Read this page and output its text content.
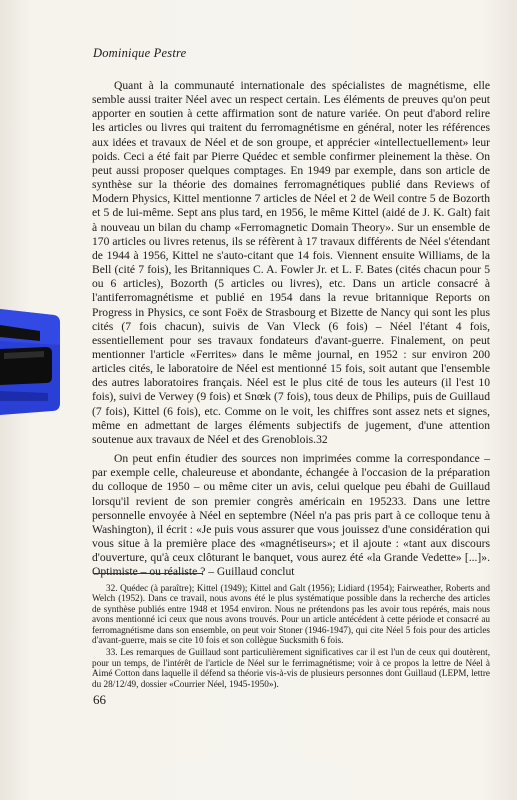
Dominique Pestre

Quant à la communauté internationale des spécialistes de magnétisme, elle semble aussi traiter Néel avec un respect certain. Les éléments de preuves qu'on peut apporter en soutien à cette affirmation sont de nature variée. On peut d'abord relire les articles ou livres qui traitent du ferromagnétisme en général, noter les références aux idées et travaux de Néel et de son groupe, et apprécier «intellectuellement» leur poids. Ceci a été fait par Pierre Quédec et semble confirmer pleinement la thèse. On peut aussi proposer quelques comptages. En 1949 par exemple, dans son article de synthèse sur la théorie des domaines ferromagnétiques publié dans Reviews of Modern Physics, Kittel mentionne 7 articles de Néel et 2 de Weil contre 5 de Bozorth et 5 de lui-même. Sept ans plus tard, en 1956, le même Kittel (aidé de J. K. Galt) fait à nouveau un bilan du champ «Ferromagnetic Domain Theory». Sur un ensemble de 170 articles ou livres retenus, ils se réfèrent à 17 travaux différents de Néel s'étendant de 1944 à 1956, Kittel ne s'auto-citant que 14 fois. Viennent ensuite Williams, de la Bell (cité 7 fois), les Britanniques C. A. Fowler Jr. et L. F. Bates (cités chacun pour 5 ou 6 articles), Bozorth (5 articles ou livres), etc. Dans un article consacré à l'antiferromagnétisme et publié en 1954 dans la revue britannique Reports on Progress in Physics, ce sont Foëx de Strasbourg et Bizette de Nancy qui sont les plus cités (7 fois chacun), suivis de Van Vleck (6 fois) – Néel l'étant 4 fois, essentiellement pour ses travaux fondateurs d'avant-guerre. Finalement, on peut mentionner l'article «Ferrites» dans le même journal, en 1952 : sur environ 200 articles cités, le laboratoire de Néel est mentionné 15 fois, soit autant que l'ensemble des autres laboratoires français. Néel est le plus cité de tous les auteurs (il l'est 10 fois), suivi de Verwey (9 fois) et Snœk (7 fois), tous deux de Philips, puis de Guillaud (7 fois), Kittel (6 fois), etc. Comme on le voit, les chiffres sont assez nets et signes, même en admettant de larges éléments subjectifs de jugement, d'une attention soutenue aux travaux de Néel et des Grenoblois.32

On peut enfin étudier des sources non imprimées comme la correspondance – par exemple celle, chaleureuse et abondante, échangée à l'occasion de la préparation du colloque de 1950 – ou même citer un avis, celui quelque peu ébahi de Guillaud lorsqu'il revient de son premier congrès américain en 195233. Dans une lettre personnelle envoyée à Néel en septembre (Néel n'a pas pris part à ce colloque tenu à Washington), il écrit : «Je puis vous assurer que vous jouissez d'une considération qui vous situe à la première place des «magnétiseurs»; et il ajoute : «tant aux discours d'ouverture, qu'à ceux clôturant le banquet, vous aurez été «la Grande Vedette» [...]». Optimiste – ou réaliste ? – Guillaud conclut

32. Quédec (à paraître); Kittel (1949); Kittel and Galt (1956); Lidiard (1954); Fairweather, Roberts and Welch (1952). Dans ce travail, nous avons été le plus systématique possible dans la recherche des articles de synthèse publiés entre 1948 et 1954 environ. Nous ne prétendons pas les avoir tous repérés, mais nous avons mentionné ici ceux que nous avons trouvés. Pour un article antécédent à cette période et consacré au ferromagnétisme dans son ensemble, on peut voir Stoner (1946-1947), qui cite Néel 5 fois pour des articles d'avant-guerre, mais se cite 10 fois et son collègue Sucksmith 6 fois.

33. Les remarques de Guillaud sont particulièrement significatives car il est l'un de ceux qui doutèrent, pour un temps, de l'intérêt de l'article de Néel sur le ferrimagnétisme; voir à ce propos la lettre de Néel à Aimé Cotton dans laquelle il défend sa théorie vis-à-vis de plusieurs personnes dont Guillaud (LEPM, lettre du 28/12/49, dossier «Courrier Néel, 1945-1950»).

66
